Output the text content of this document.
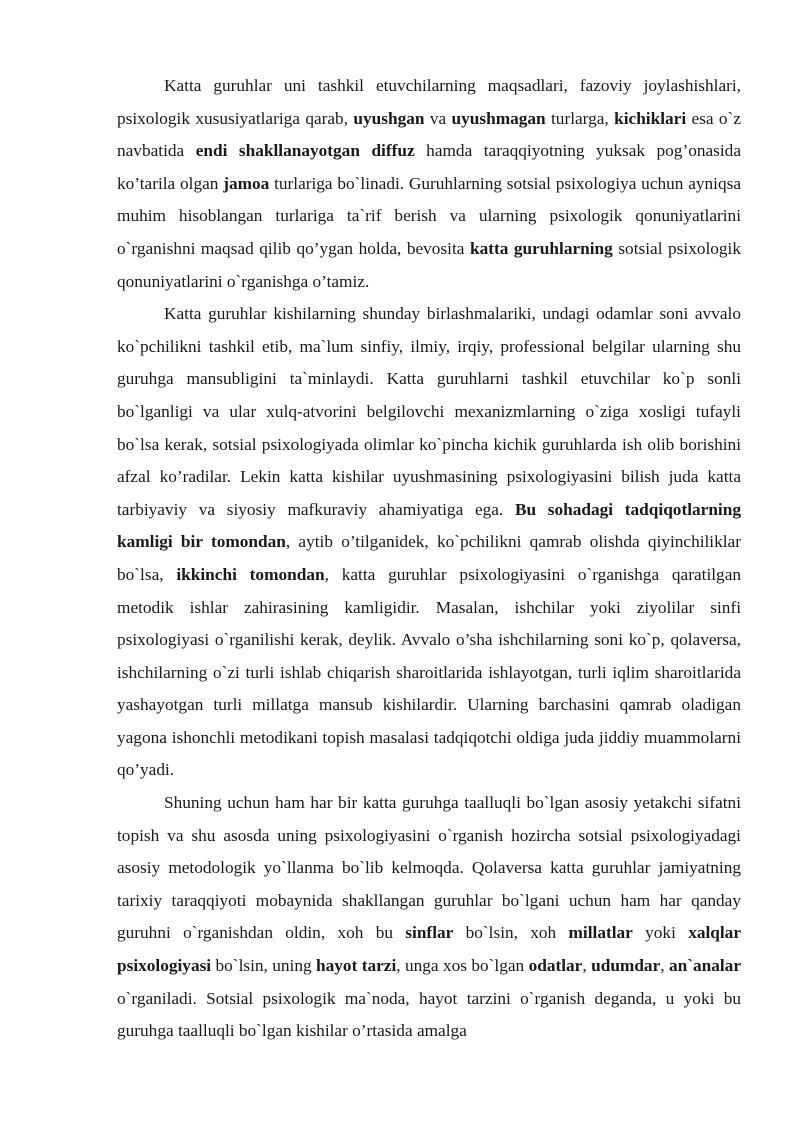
Katta guruhlar uni tashkil etuvchilarning maqsadlari, fazoviy joylashishlari, psixologik xususiyatlariga qarab, uyushgan va uyushmagan turlarga, kichiklari esa o`z navbatida endi shakllanayotgan diffuz hamda taraqqiyotning yuksak pog’onasida ko’tarila olgan jamoa turlariga bo`linadi. Guruhlarning sotsial psixologiya uchun ayniqsa muhim hisoblangan turlariga ta`rif berish va ularning psixologik qonuniyatlarini o`rganishni maqsad qilib qo’ygan holda, bevosita katta guruhlarning sotsial psixologik qonuniyatlarini o`rganishga o’tamiz.

Katta guruhlar kishilarning shunday birlashmalariki, undagi odamlar soni avvalo ko`pchilikni tashkil etib, ma`lum sinfiy, ilmiy, irqiy, professional belgilar ularning shu guruhga mansubligini ta`minlaydi. Katta guruhlarni tashkil etuvchilar ko`p sonli bo`lganligi va ular xulq-atvorini belgilovchi mexanizmlarning o`ziga xosligi tufayli bo`lsa kerak, sotsial psixologiyada olimlar ko`pincha kichik guruhlarda ish olib borishini afzal ko’radilar. Lekin katta kishilar uyushmasining psixologiyasini bilish juda katta tarbiyaviy va siyosiy mafkuraviy ahamiyatiga ega. Bu sohadagi tadqiqotlarning kamligi bir tomondan, aytib o’tilganidek, ko`pchilikni qamrab olishda qiyinchiliklar bo`lsa, ikkinchi tomondan, katta guruhlar psixologiyasini o`rganishga qaratilgan metodik ishlar zahirasining kamligidir. Masalan, ishchilar yoki ziyolilar sinfi psixologiyasi o`rganilishi kerak, deylik. Avvalo o’sha ishchilarning soni ko`p, qolaversa, ishchilarning o`zi turli ishlab chiqarish sharoitlarida ishlayotgan, turli iqlim sharoitlarida yashayotgan turli millatga mansub kishilardir. Ularning barchasini qamrab oladigan yagona ishonchli metodikani topish masalasi tadqiqotchi oldiga juda jiddiy muammolarni qo’yadi.

Shuning uchun ham har bir katta guruhga taalluqli bo`lgan asosiy yetakchi sifatni topish va shu asosda uning psixologiyasini o`rganish hozircha sotsial psixologiyadagi asosiy metodologik yo`llanma bo`lib kelmoqda. Qolaversa katta guruhlar jamiyatning tarixiy taraqqiyoti mobaynida shakllangan guruhlar bo`lgani uchun ham har qanday guruhni o`rganishdan oldin, xoh bu sinflar bo`lsin, xoh millatlar yoki xalqlar psixologiyasi bo`lsin, uning hayot tarzi, unga xos bo`lgan odatlar, udumdar, an`analar o`rganiladi. Sotsial psixologik ma`noda, hayot tarzini o`rganish deganda, u yoki bu guruhga taalluqli bo`lgan kishilar o’rtasida amalga
